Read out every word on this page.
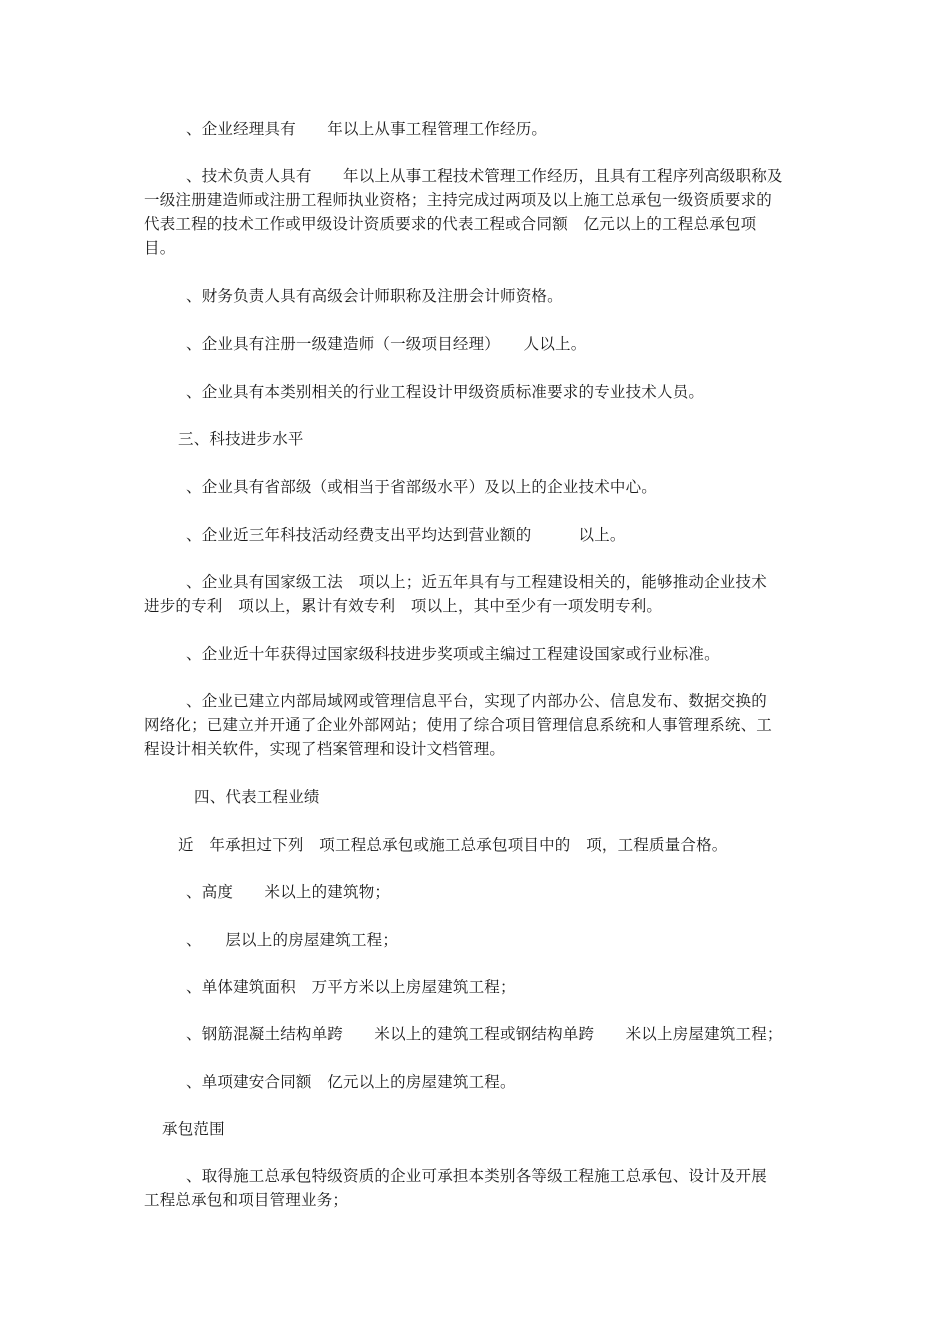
、企业经理具有　　年以上从事工程管理工作经历。
、技术负责人具有　　年以上从事工程技术管理工作经历，且具有工程序列高级职称及
一级注册建造师或注册工程师执业资格；主持完成过两项及以上施工总承包一级资质要求的
代表工程的技术工作或甲级设计资质要求的代表工程或合同额　亿元以上的工程总承包项
目。
、财务负责人具有高级会计师职称及注册会计师资格。
、企业具有注册一级建造师（一级项目经理）　　人以上。
、企业具有本类别相关的行业工程设计甲级资质标准要求的专业技术人员。
三、科技进步水平
、企业具有省部级（或相当于省部级水平）及以上的企业技术中心。
、企业近三年科技活动经费支出平均达到营业额的　　　以上。
、企业具有国家级工法　项以上；近五年具有与工程建设相关的，能够推动企业技术
进步的专利　项以上，累计有效专利　项以上，其中至少有一项发明专利。
、企业近十年获得过国家级科技进步奖项或主编过工程建设国家或行业标准。
、企业已建立内部局域网或管理信息平台，实现了内部办公、信息发布、数据交换的
网络化；已建立并开通了企业外部网站；使用了综合项目管理信息系统和人事管理系统、工
程设计相关软件，实现了档案管理和设计文档管理。
四、代表工程业绩
近　年承担过下列　项工程总承包或施工总承包项目中的　项，工程质量合格。
、高度　　米以上的建筑物；
、　　层以上的房屋建筑工程；
、单体建筑面积　万平方米以上房屋建筑工程；
、钢筋混凝土结构单跨　　米以上的建筑工程或钢结构单跨　　米以上房屋建筑工程；
、单项建安合同额　亿元以上的房屋建筑工程。
承包范围
、取得施工总承包特级资质的企业可承担本类别各等级工程施工总承包、设计及开展
工程总承包和项目管理业务；
